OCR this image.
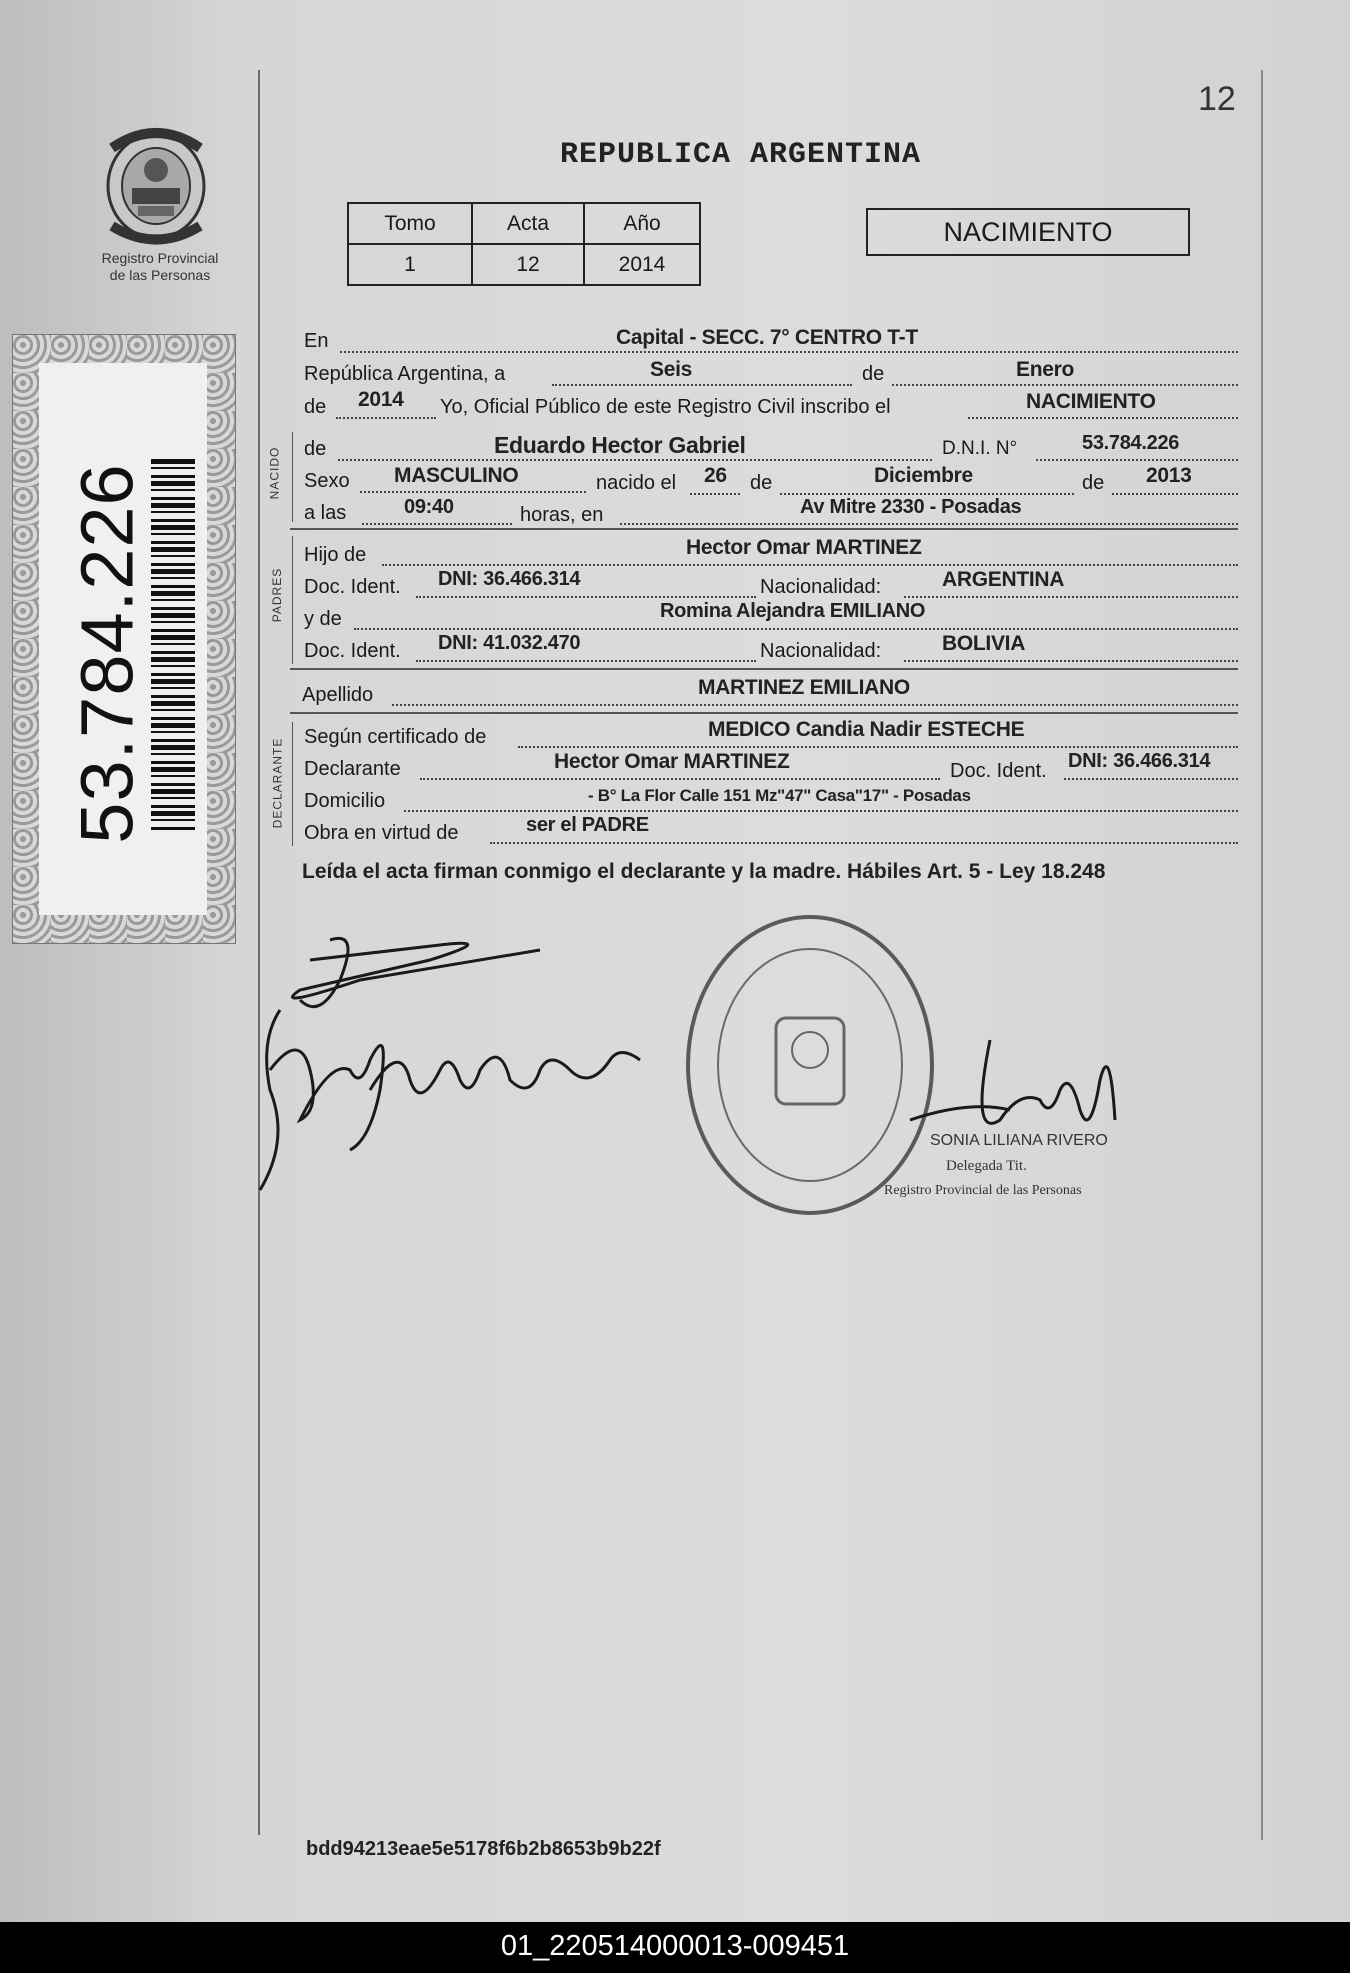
12
REPUBLICA ARGENTINA
Registro Provincial
de las Personas
53.784.226
Tomo	Acta	Año
1	12	2014
NACIMIENTO
En	Capital - SECC. 7° CENTRO T-T
República Argentina, a	Seis	de	Enero
de 2014 Yo, Oficial Público de este Registro Civil inscribo el	NACIMIENTO
NACIDO de	Eduardo Hector Gabriel	D.N.I. N°	53.784.226
Sexo MASCULINO	nacido el 26 de	Diciembre	de 2013
a las	09:40	horas, en	Av Mitre 2330 - Posadas
PADRES
Hijo de	Hector Omar MARTINEZ
Doc. Ident. DNI: 36.466.314	Nacionalidad:	ARGENTINA
y de	Romina Alejandra EMILIANO
Doc. Ident. DNI: 41.032.470	Nacionalidad:	BOLIVIA
Apellido	MARTINEZ EMILIANO
DECLARANTE
Según certificado de	MEDICO Candia Nadir ESTECHE
Declarante	Hector Omar MARTINEZ	Doc. Ident. DNI: 36.466.314
Domicilio	- B° La Flor Calle 151 Mz"47" Casa"17" - Posadas
Obra en virtud de	ser el PADRE
Leída el acta firman conmigo el declarante y la madre. Hábiles Art. 5 - Ley 18.248
SONIA LILIANA RIVERO
Delegada Tit.
Registro Provincial de las Personas
bdd94213eae5e5178f6b2b8653b9b22f
01_220514000013-009451
